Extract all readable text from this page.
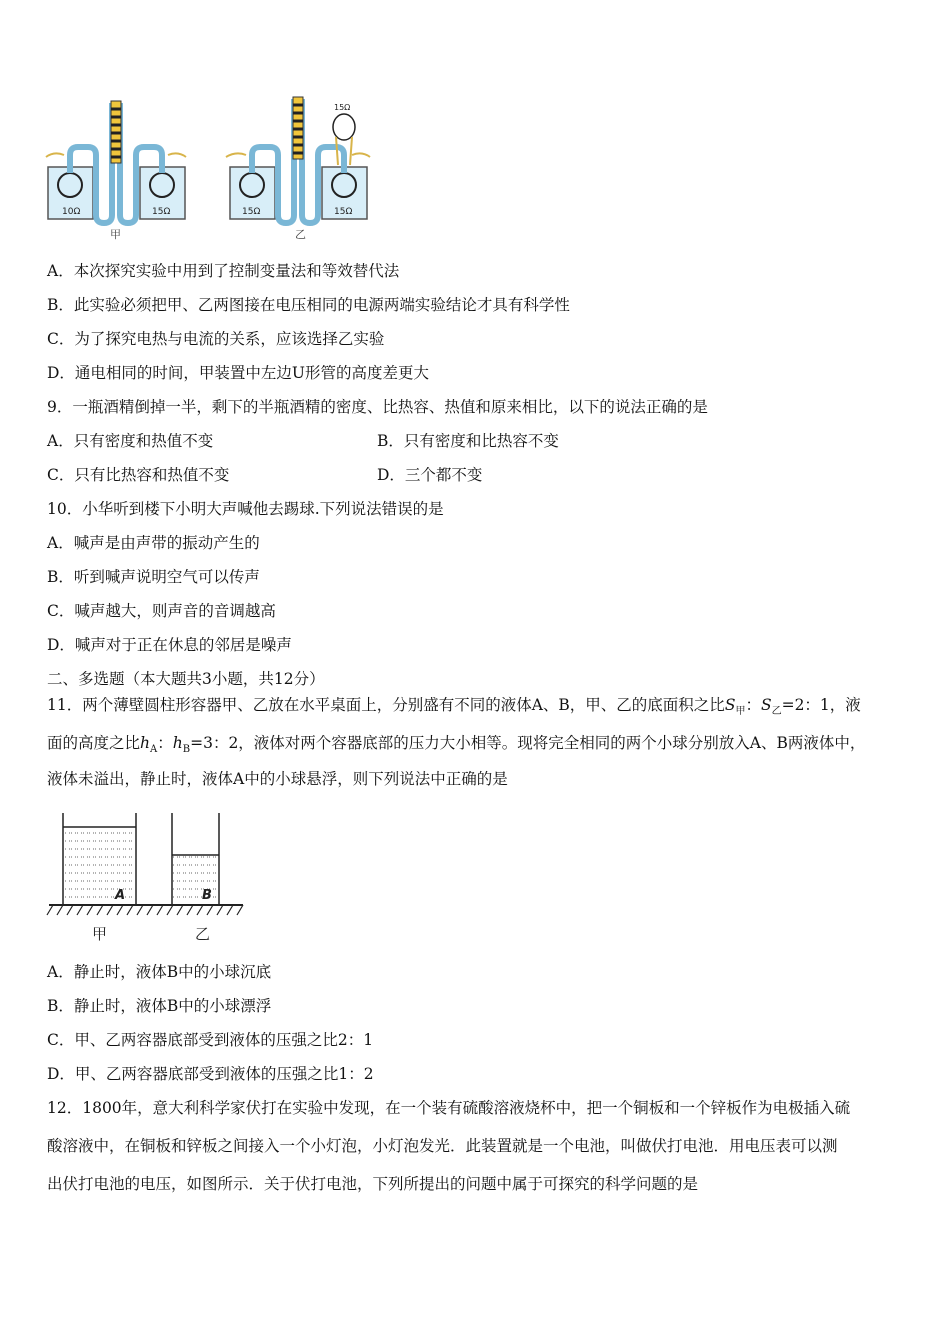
10Ω	15Ω
甲
15Ω
15Ω	15Ω
乙
A．本次探究实验中用到了控制变量法和等效替代法
B．此实验必须把甲、乙两图接在电压相同的电源两端实验结论才具有科学性
C．为了探究电热与电流的关系，应该选择乙实验
D．通电相同的时间，甲装置中左边U形管的高度差更大
9．一瓶酒精倒掉一半，剩下的半瓶酒精的密度、比热容、热值和原来相比，以下的说法正确的是
A．只有密度和热值不变	B．只有密度和比热容不变
C．只有比热容和热值不变	D．三个都不变
10．小华听到楼下小明大声喊他去踢球.下列说法错误的是
A．喊声是由声带的振动产生的
B．听到喊声说明空气可以传声
C．喊声越大，则声音的音调越高
D．喊声对于正在休息的邻居是噪声
二、多选题（本大题共3小题，共12分）
11．两个薄壁圆柱形容器甲、乙放在水平桌面上，分别盛有不同的液体A、B，甲、乙的底面积之比$S_甲$：$S_乙=2$：1，液
面的高度之比$h_A$：$h_B=3$：2，液体对两个容器底部的压力大小相等。现将完全相同的两个小球分别放入A、B两液体中，
液体未溢出，静止时，液体A中的小球悬浮，则下列说法中正确的是
A	B
甲	乙
A．静止时，液体B中的小球沉底
B．静止时，液体B中的小球漂浮
C．甲、乙两容器底部受到液体的压强之比2：1
D．甲、乙两容器底部受到液体的压强之比1：2
12．1800年，意大利科学家伏打在实验中发现，在一个装有硫酸溶液烧杯中，把一个铜板和一个锌板作为电极插入硫
酸溶液中，在铜板和锌板之间接入一个小灯泡，小灯泡发光．此装置就是一个电池，叫做伏打电池．用电压表可以测
出伏打电池的电压，如图所示．关于伏打电池，下列所提出的问题中属于可探究的科学问题的是
